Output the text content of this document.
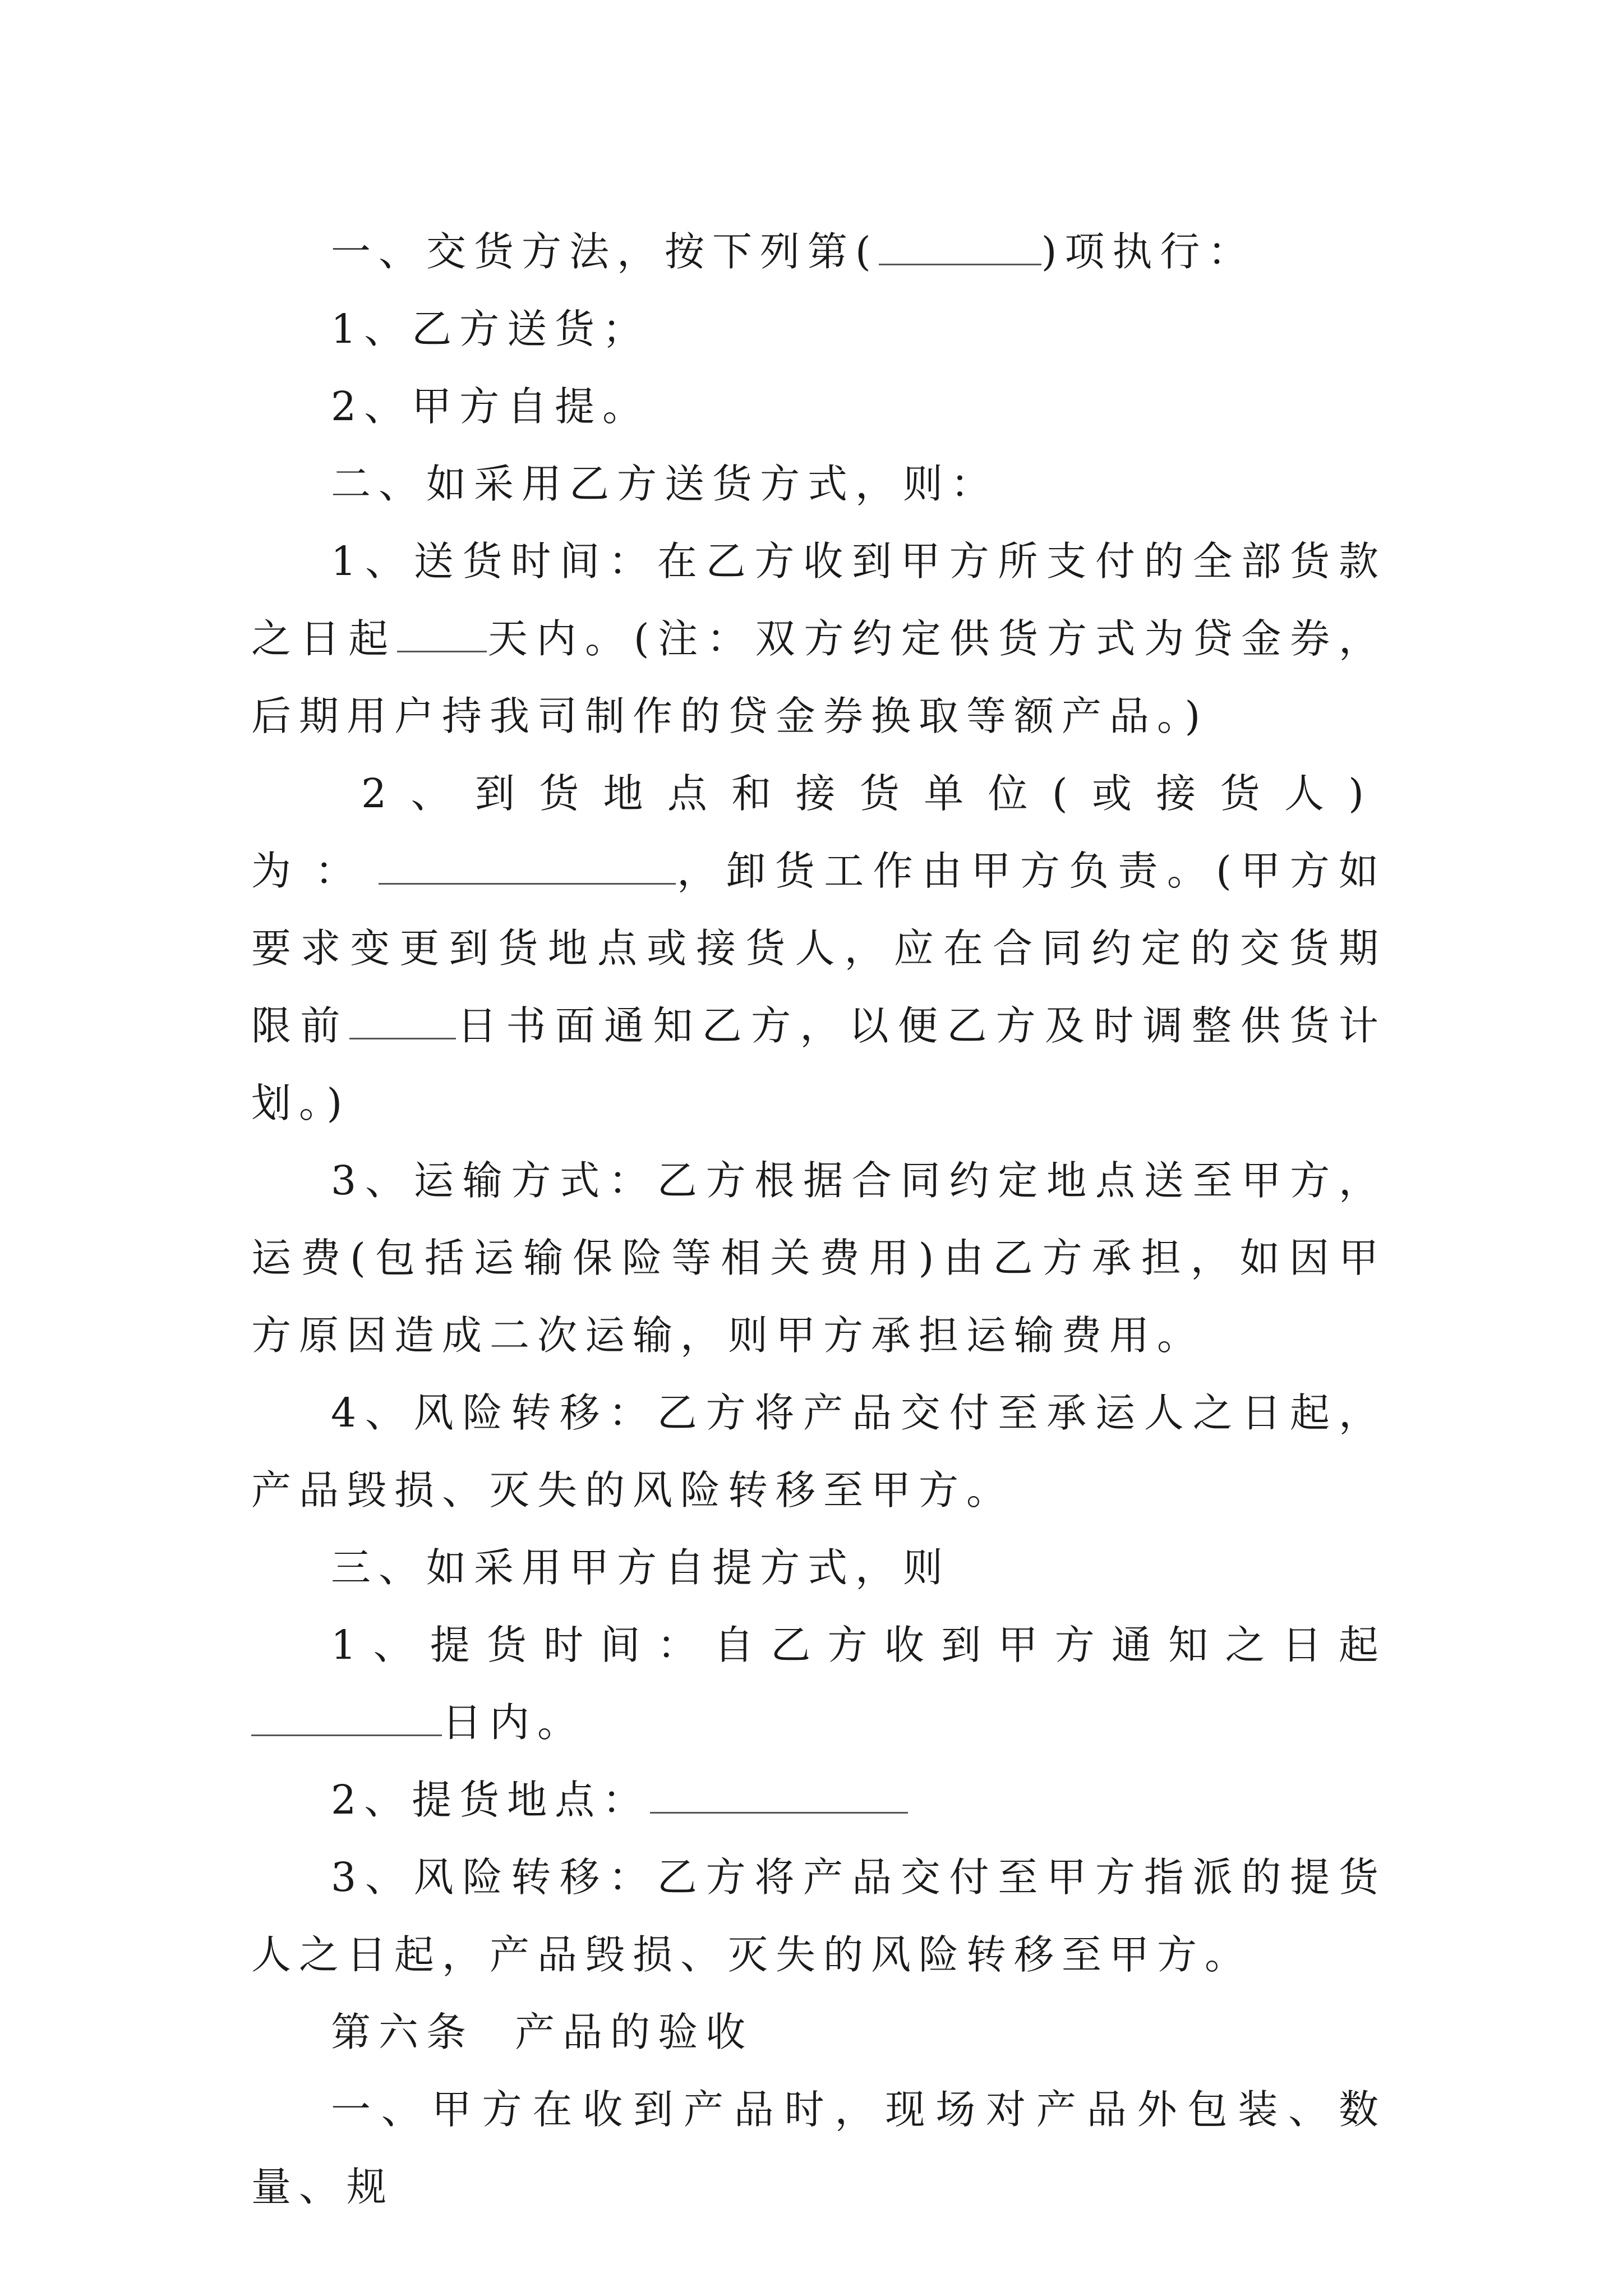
一、交货方法，按下列第(	)项执行：

1、乙方送货；

2、甲方自提。

二、如采用乙方送货方式，则：

1、送货时间：在乙方收到甲方所支付的全部货款之日起 天内。(注：双方约定供货方式为贷金券，后期用户持我司制作的贷金券换取等额产品。)

2、到货地点和接货单位(或接货人)为：	，卸货工作由甲方负责。(甲方如要求变更到货地点或接货人，应在合同约定的交货期限前	日书面通知乙方，以便乙方及时调整供货计划。)

3、运输方式：乙方根据合同约定地点送至甲方，运费(包括运输保险等相关费用)由乙方承担，如因甲方原因造成二次运输，则甲方承担运输费用。

4、风险转移：乙方将产品交付至承运人之日起，产品毁损、灭失的风险转移至甲方。

三、如采用甲方自提方式，则

1、提货时间：自乙方收到甲方通知之日起日内。

2、提货地点：

3、风险转移：乙方将产品交付至甲方指派的提货人之日起，产品毁损、灭失的风险转移至甲方。

第六条  产品的验收

一、甲方在收到产品时，现场对产品外包装、数量、规
